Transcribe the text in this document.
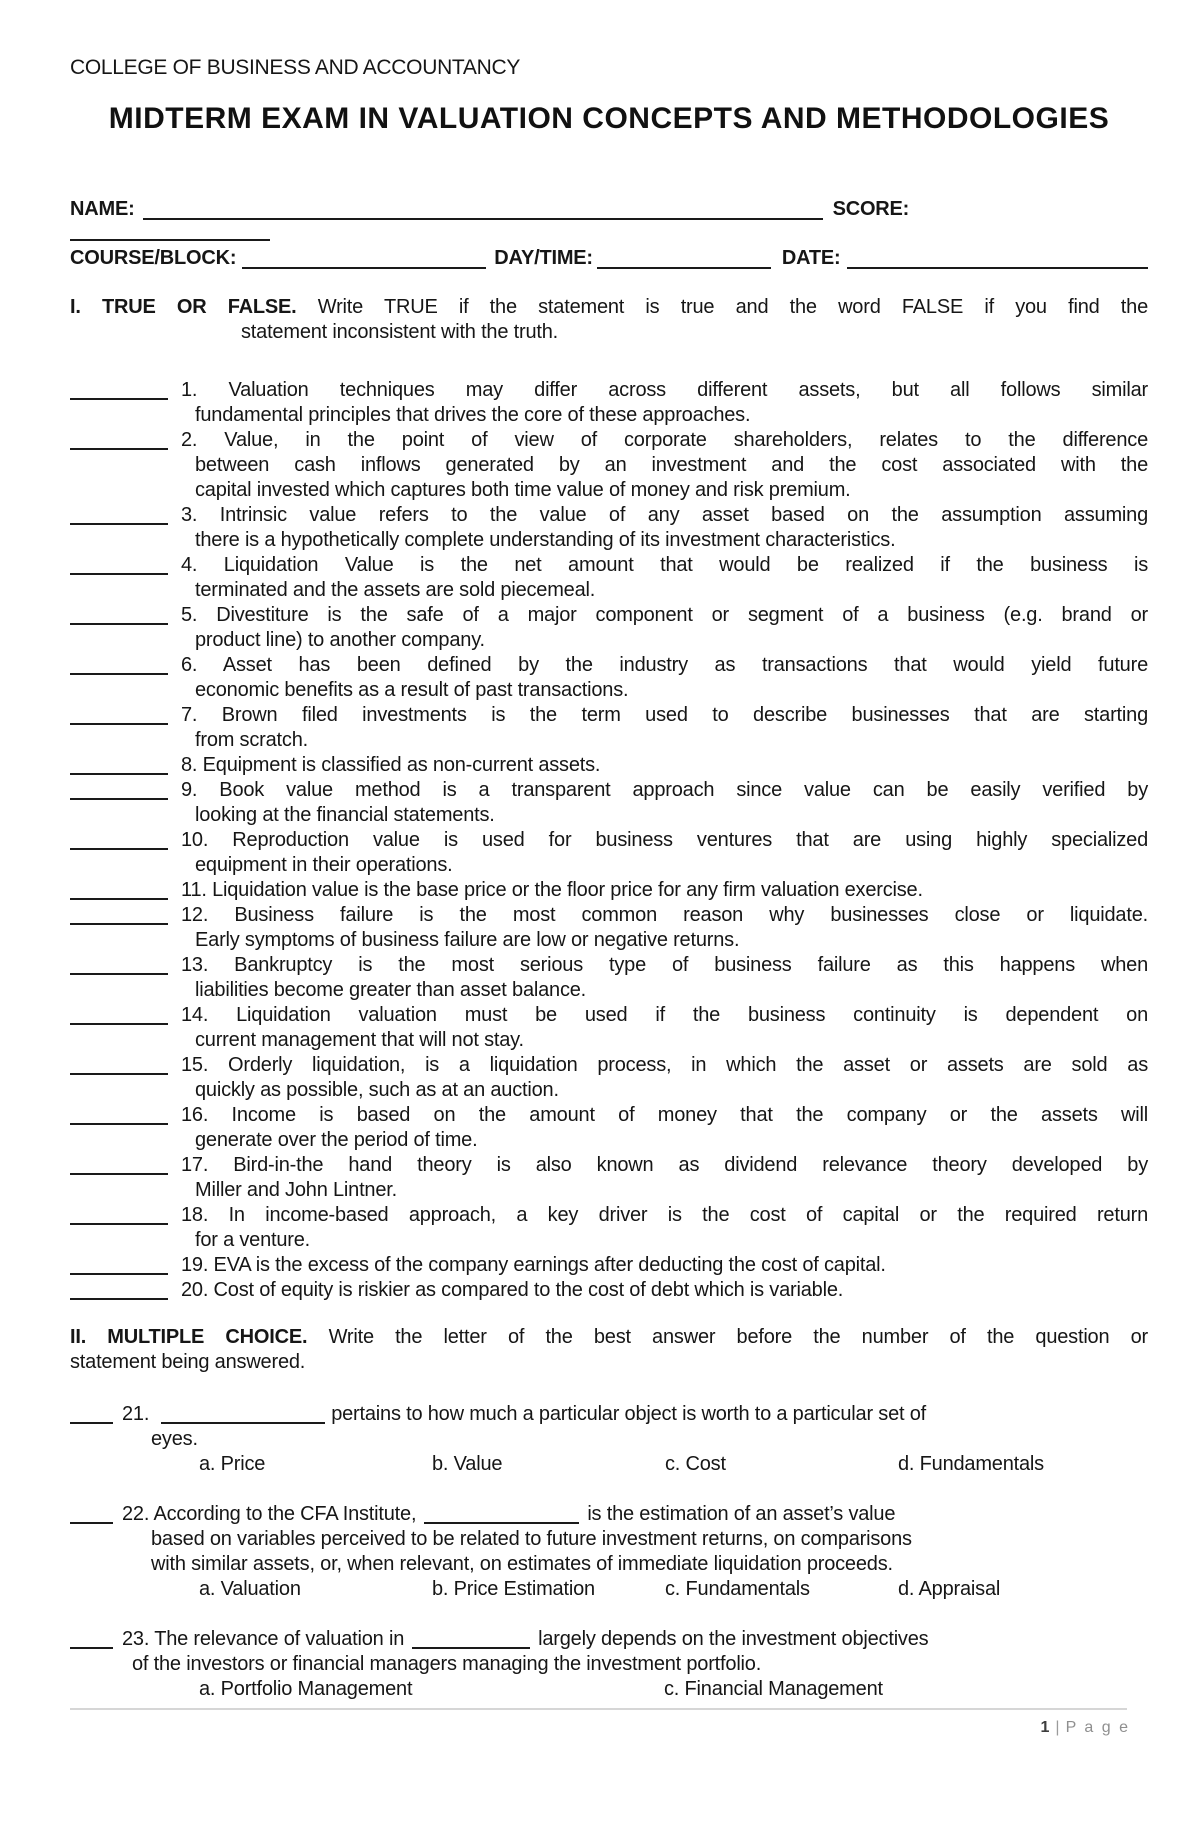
COLLEGE OF BUSINESS AND ACCOUNTANCY
MIDTERM EXAM IN VALUATION CONCEPTS AND METHODOLOGIES
NAME:	SCORE:
COURSE/BLOCK:	DAY/TIME:	DATE:
I. TRUE OR FALSE. Write TRUE if the statement is true and the word FALSE if you find the
statement inconsistent with the truth.
1. Valuation techniques may differ across different assets, but all follows similar
fundamental principles that drives the core of these approaches.
2. Value, in the point of view of corporate shareholders, relates to the difference
between cash inflows generated by an investment and the cost associated with the
capital invested which captures both time value of money and risk premium.
3. Intrinsic value refers to the value of any asset based on the assumption assuming
there is a hypothetically complete understanding of its investment characteristics.
4. Liquidation Value is the net amount that would be realized if the business is
terminated and the assets are sold piecemeal.
5. Divestiture is the safe of a major component or segment of a business (e.g. brand or
product line) to another company.
6. Asset has been defined by the industry as transactions that would yield future
economic benefits as a result of past transactions.
7. Brown filed investments is the term used to describe businesses that are starting
from scratch.
8. Equipment is classified as non-current assets.
9. Book value method is a transparent approach since value can be easily verified by
looking at the financial statements.
10. Reproduction value is used for business ventures that are using highly specialized
equipment in their operations.
11. Liquidation value is the base price or the floor price for any firm valuation exercise.
12. Business failure is the most common reason why businesses close or liquidate.
Early symptoms of business failure are low or negative returns.
13. Bankruptcy is the most serious type of business failure as this happens when
liabilities become greater than asset balance.
14. Liquidation valuation must be used if the business continuity is dependent on
current management that will not stay.
15. Orderly liquidation, is a liquidation process, in which the asset or assets are sold as
quickly as possible, such as at an auction.
16. Income is based on the amount of money that the company or the assets will
generate over the period of time.
17. Bird-in-the hand theory is also known as dividend relevance theory developed by
Miller and John Lintner.
18. In income-based approach, a key driver is the cost of capital or the required return
for a venture.
19. EVA is the excess of the company earnings after deducting the cost of capital.
20. Cost of equity is riskier as compared to the cost of debt which is variable.
II. MULTIPLE CHOICE. Write the letter of the best answer before the number of the question or
statement being answered.
21.	pertains to how much a particular object is worth to a particular set of
eyes.
a. Price	b. Value	c. Cost	d. Fundamentals
22. According to the CFA Institute,	is the estimation of an asset’s value
based on variables perceived to be related to future investment returns, on comparisons
with similar assets, or, when relevant, on estimates of immediate liquidation proceeds.
a. Valuation	b. Price Estimation	c. Fundamentals	d. Appraisal
23. The relevance of valuation in	largely depends on the investment objectives
of the investors or financial managers managing the investment portfolio.
a. Portfolio Management	c. Financial Management
1 | P a g e
